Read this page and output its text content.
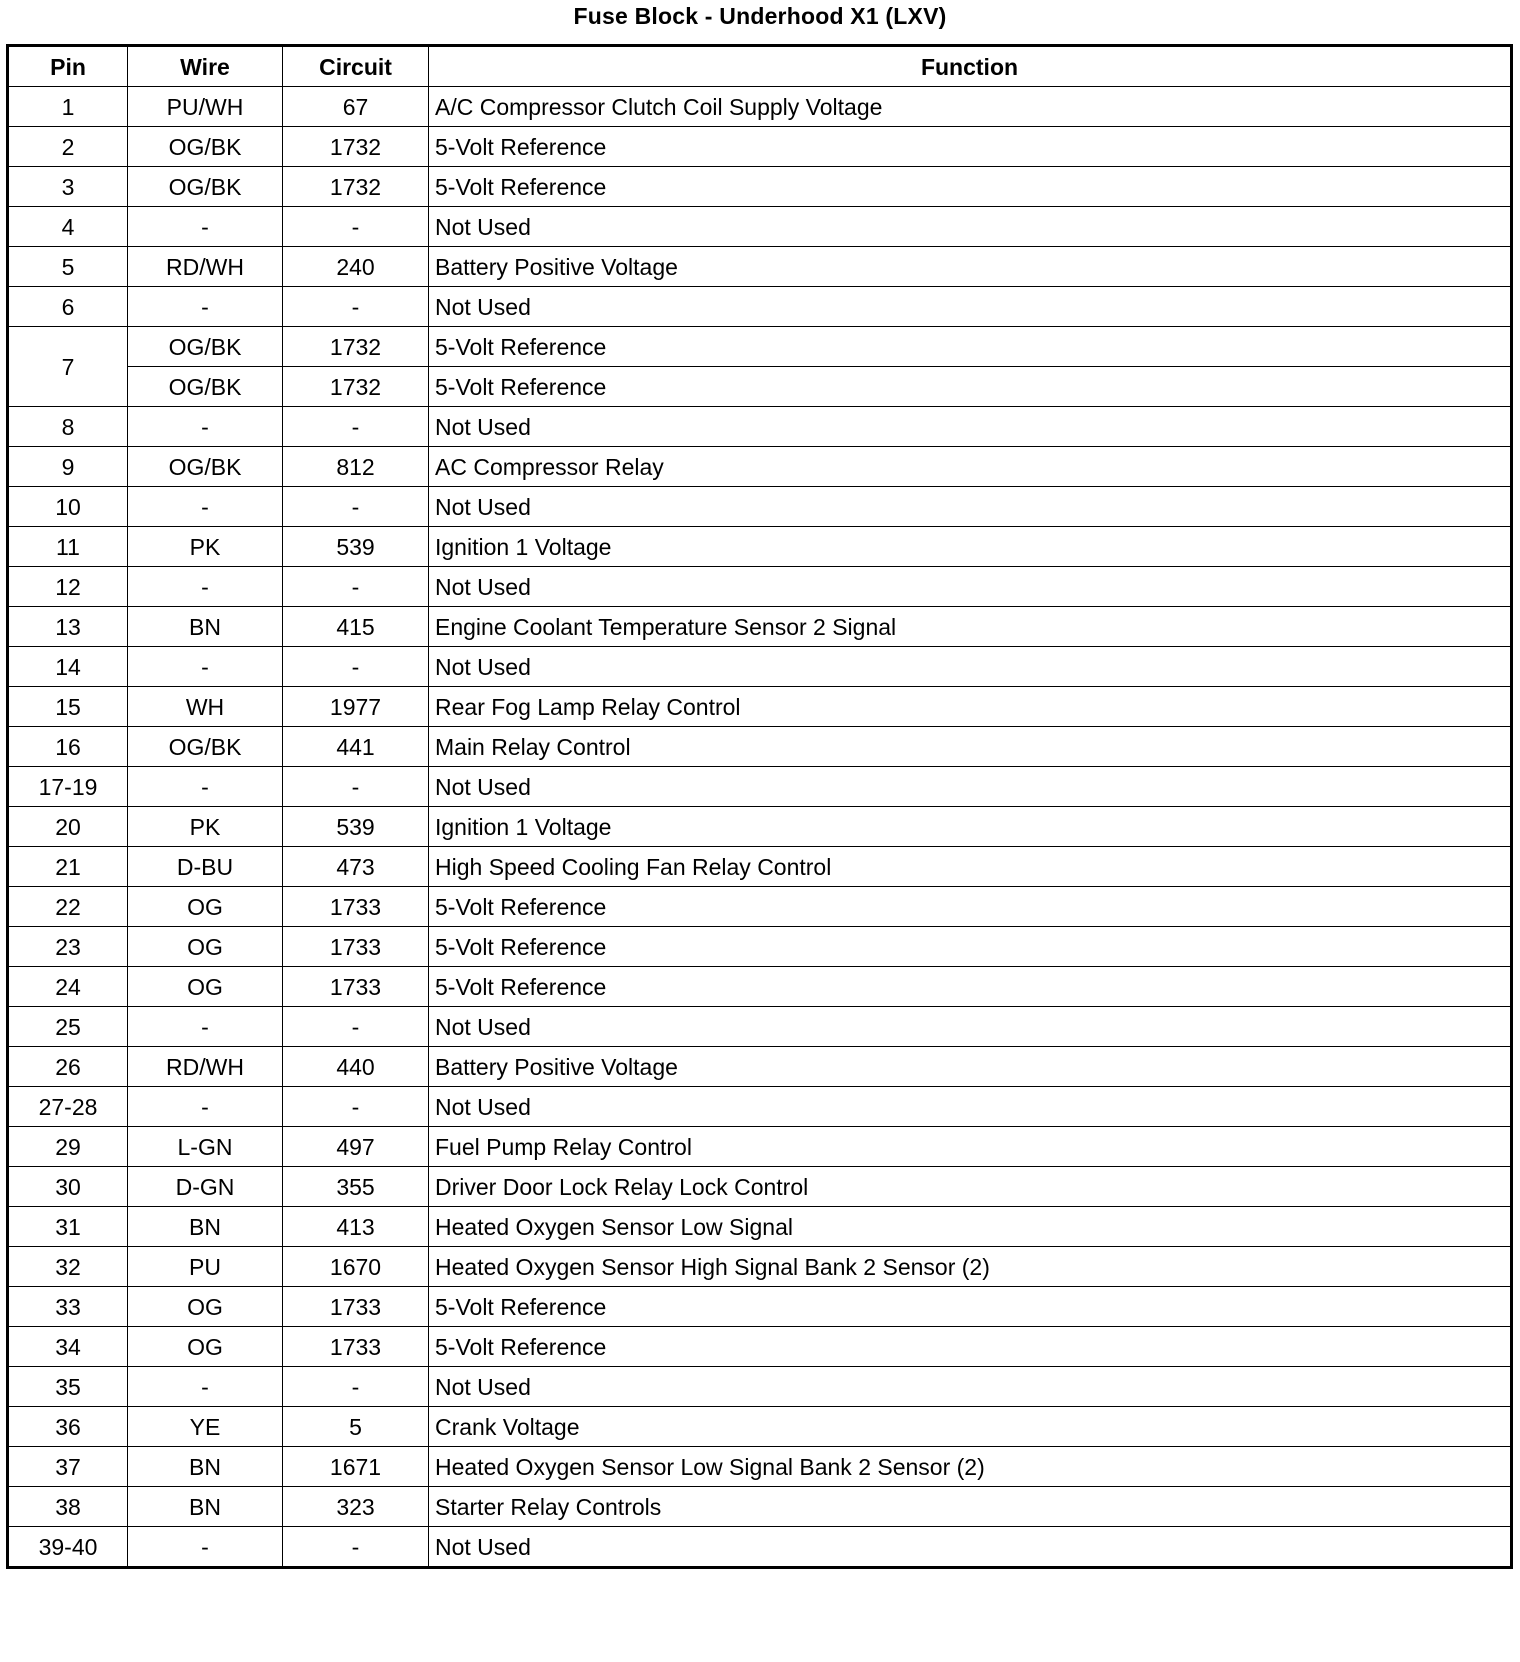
Fuse Block - Underhood X1 (LXV)
Pin	Wire	Circuit	Function
1	PU/WH	67	A/C Compressor Clutch Coil Supply Voltage
2	OG/BK	1732	5-Volt Reference
3	OG/BK	1732	5-Volt Reference
4	-	-	Not Used
5	RD/WH	240	Battery Positive Voltage
6	-	-	Not Used
7	OG/BK	1732	5-Volt Reference
	OG/BK	1732	5-Volt Reference
8	-	-	Not Used
9	OG/BK	812	AC Compressor Relay
10	-	-	Not Used
11	PK	539	Ignition 1 Voltage
12	-	-	Not Used
13	BN	415	Engine Coolant Temperature Sensor 2 Signal
14	-	-	Not Used
15	WH	1977	Rear Fog Lamp Relay Control
16	OG/BK	441	Main Relay Control
17-19	-	-	Not Used
20	PK	539	Ignition 1 Voltage
21	D-BU	473	High Speed Cooling Fan Relay Control
22	OG	1733	5-Volt Reference
23	OG	1733	5-Volt Reference
24	OG	1733	5-Volt Reference
25	-	-	Not Used
26	RD/WH	440	Battery Positive Voltage
27-28	-	-	Not Used
29	L-GN	497	Fuel Pump Relay Control
30	D-GN	355	Driver Door Lock Relay Lock Control
31	BN	413	Heated Oxygen Sensor Low Signal
32	PU	1670	Heated Oxygen Sensor High Signal Bank 2 Sensor (2)
33	OG	1733	5-Volt Reference
34	OG	1733	5-Volt Reference
35	-	-	Not Used
36	YE	5	Crank Voltage
37	BN	1671	Heated Oxygen Sensor Low Signal Bank 2 Sensor (2)
38	BN	323	Starter Relay Controls
39-40	-	-	Not Used
